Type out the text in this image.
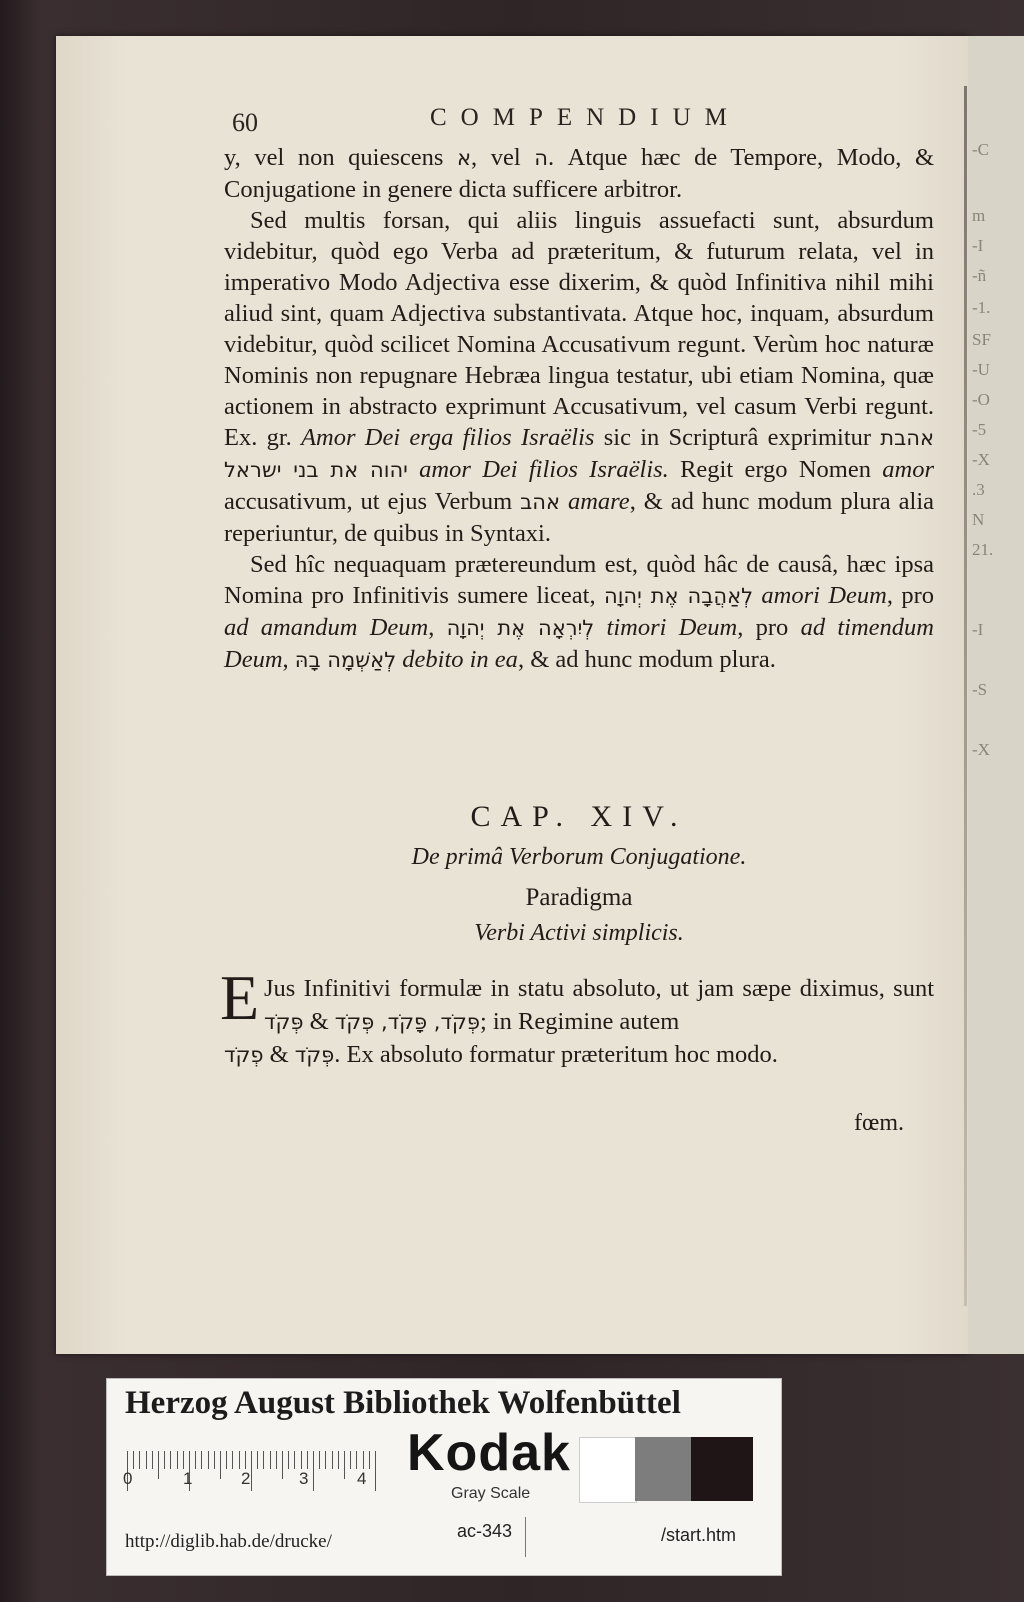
-C
m
-I
-ñ
-1.
SF
-U
-O
-5
-X
.3
N
21.
-I
-S
-X
60	COMPENDIUM

y, vel non quiescens א, vel ה. Atque hæc de Tempore, Modo, & Conjugatione in genere dicta sufficere arbitror.

Sed multis forsan, qui aliis linguis assuefacti sunt, absurdum videbitur, quòd ego Verba ad præteritum, & futurum relata, vel in imperativo Modo Adjectiva esse dixerim, & quòd Infinitiva nihil mihi aliud sint, quam Adjectiva substantivata. Atque hoc, inquam, absurdum videbitur, quòd scilicet Nomina Accusativum regunt. Verùm hoc naturæ Nominis non repugnare Hebræa lingua testatur, ubi etiam Nomina, quæ actionem in abstracto exprimunt Accusativum, vel casum Verbi regunt. Ex. gr. Amor Dei erga filios Israëlis sic in Scripturâ exprimitur אהבת יהוה את בני ישראל amor Dei filios Israëlis. Regit ergo Nomen amor accusativum, ut ejus Verbum אהב amare, & ad hunc modum plura alia reperiuntur, de quibus in Syntaxi.

Sed hîc nequaquam prætereundum est, quòd hâc de causâ, hæc ipsa Nomina pro Infinitivis sumere liceat, לְאַהֲבָה אֶת יְהוָה amori Deum, pro ad amandum Deum, לְיִרְאָה אֶת יְהוָה timori Deum, pro ad timendum Deum, לְאַשְׁמָה בָהּ debito in ea, & ad hunc modum plura.

CAP. XIV.
De primâ Verborum Conjugatione.
Paradigma
Verbi Activi simplicis.
E Jus Infinitivi formulæ in statu absoluto, ut jam sæpe diximus, sunt פְּקֹד, פָּקֹד, פְּקֹד & פְּקֹד	; in Regimine autem
פְּקֹד & פְקֹד	. Ex absoluto formatur præteritum hoc modo.
fœm.
Herzog August Bibliothek Wolfenbüttel
0	1	2	3	4 Kodak
Gray Scale
http://diglib.hab.de/drucke/	ac-343	/start.htm
